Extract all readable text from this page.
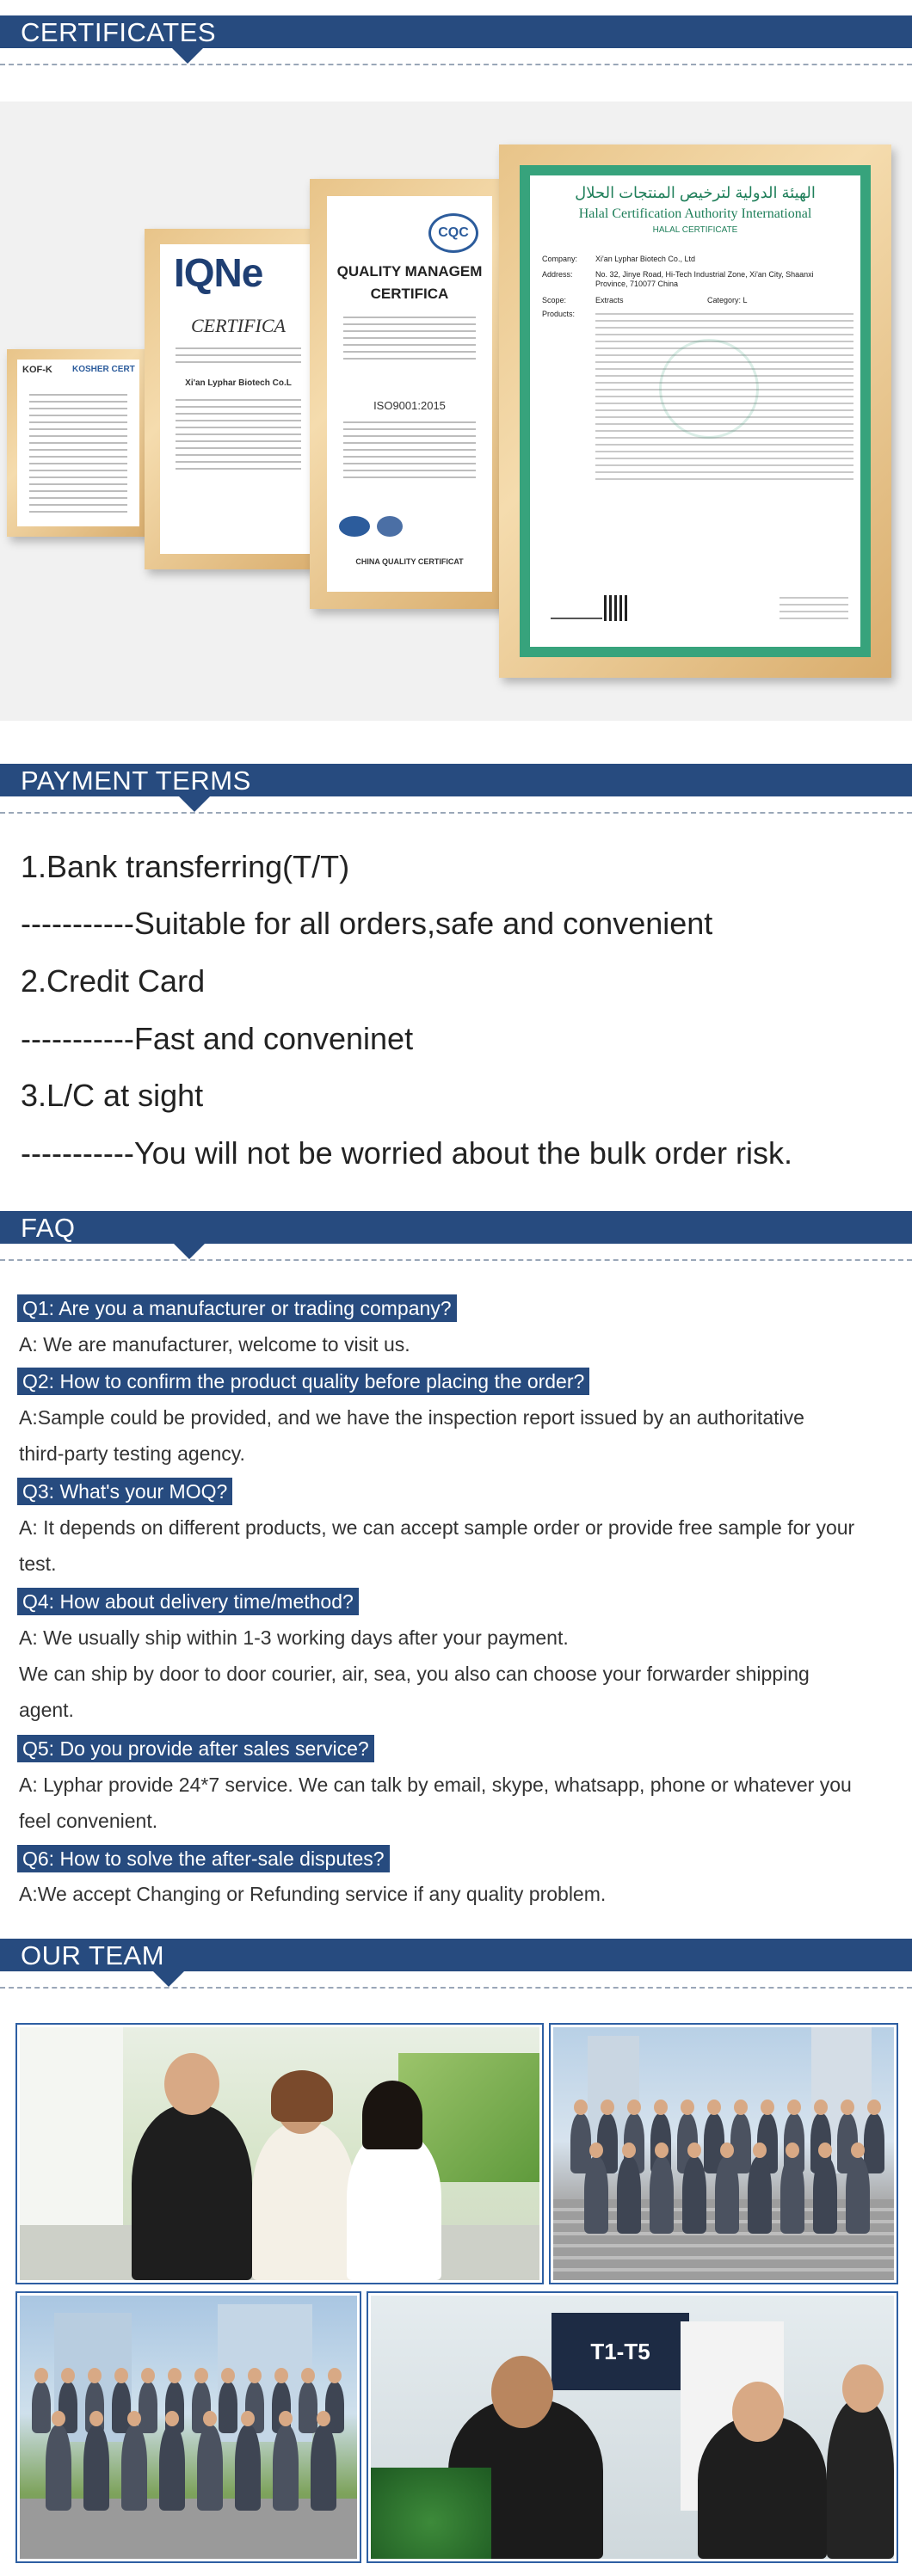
CERTIFICATES
KOF-K KOSHER CERT
IQNe
CERTIFICA
Xi'an Lyphar Biotech Co.L
CQC
QUALITY MANAGEM
CERTIFICA
ISO9001:2015
CHINA QUALITY CERTIFICAT
الهيئة الدولية لترخيص المنتجات الحلال
Halal Certification Authority International
HALAL CERTIFICATE
Company: Xi'an Lyphar Biotech Co., Ltd
Address:	No. 32, Jinye Road, Hi-Tech Industrial Zone, Xi'an City, Shaanxi Province, 710077 China
Scope:	Extracts	Category: L
Products:
PAYMENT TERMS
1.Bank transferring(T/T)
-----------Suitable for all orders,safe and convenient
2.Credit Card
-----------Fast and conveninet
3.L/C at sight
-----------You will not be worried about the bulk order risk.
FAQ
Q1: Are you a manufacturer or trading company?
A: We are manufacturer, welcome to visit us.
Q2: How to confirm the product quality before placing the order?
A:Sample could be provided, and we have the inspection report issued by an authoritative
third-party testing agency.
Q3: What's your MOQ?
A: It depends on different products, we can accept sample order or provide free sample for your
test.
Q4: How about delivery time/method?
A: We usually ship within 1-3 working days after your payment.
We can ship by door to door courier, air, sea, you also can choose your forwarder shipping
agent.
Q5: Do you provide after sales service?
A: Lyphar provide 24*7 service. We can talk by email, skype, whatsapp, phone or whatever you
feel convenient.
Q6: How to solve the after-sale disputes?
A:We accept Changing or Refunding service if any quality problem.
OUR TEAM
T1-T5
